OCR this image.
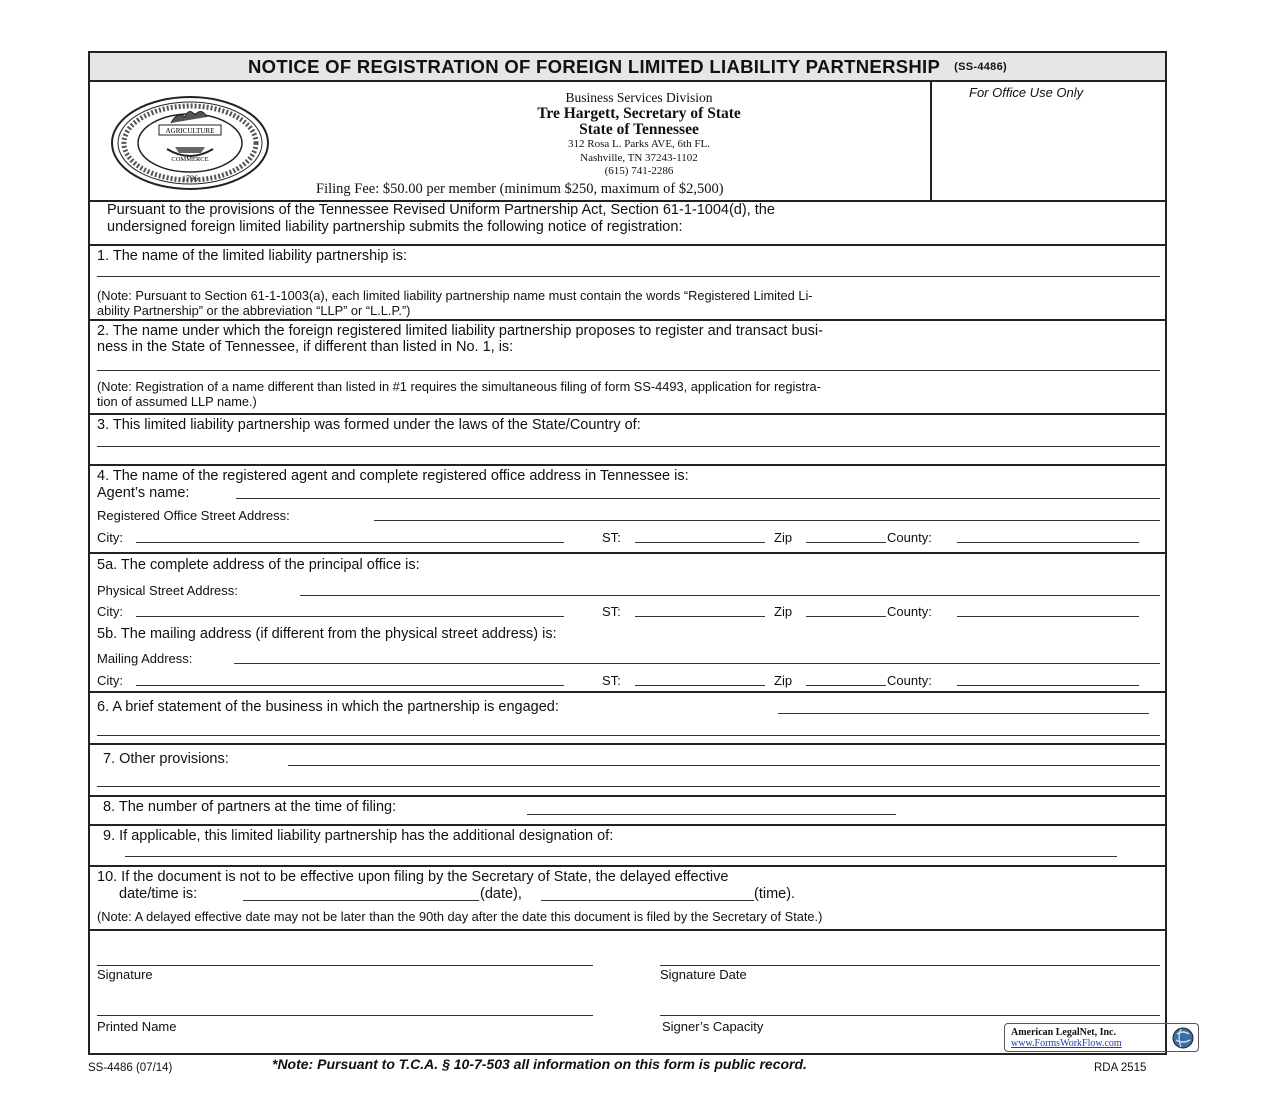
NOTICE OF REGISTRATION OF FOREIGN LIMITED LIABILITY PARTNERSHIP (SS-4486)
AGRICULTURE
COMMERCE
1796
Business Services Division
Tre Hargett, Secretary of State
State of Tennessee
312 Rosa L. Parks AVE, 6th FL.
Nashville, TN 37243-1102
(615) 741-2286
Filing Fee: $50.00 per member (minimum $250, maximum of $2,500)
For Office Use Only
Pursuant to the provisions of the Tennessee Revised Uniform Partnership Act, Section 61-1-1004(d), the
undersigned foreign limited liability partnership submits the following notice of registration:
1. The name of the limited liability partnership is:
(Note: Pursuant to Section 61-1-1003(a), each limited liability partnership name must contain the words “Registered Limited Li-
ability Partnership” or the abbreviation “LLP” or “L.L.P.”)
2. The name under which the foreign registered limited liability partnership proposes to register and transact busi-
ness in the State of Tennessee, if different than listed in No. 1, is:
(Note: Registration of a name different than listed in #1 requires the simultaneous filing of form SS-4493, application for registra-
tion of assumed LLP name.)
3. This limited liability partnership was formed under the laws of the State/Country of:
4. The name of the registered agent and complete registered office address in Tennessee is:
Agent’s name:
Registered Office Street Address:
City:	ST:	Zip	County:
5a. The complete address of the principal office is:
Physical Street Address:
City:	ST:	Zip	County:
5b. The mailing address (if different from the physical street address) is:
Mailing Address:
City:	ST:	Zip	County:
6. A brief statement of the business in which the partnership is engaged:
7. Other provisions:
8. The number of partners at the time of filing:
9. If applicable, this limited liability partnership has the additional designation of:
10. If the document is not to be effective upon filing by the Secretary of State, the delayed effective
date/time is:	(date),	(time).
(Note: A delayed effective date may not be later than the 90th day after the date this document is filed by the Secretary of State.)
Signature	Signature Date
Printed Name	Signer’s Capacity
SS-4486 (07/14)	*Note: Pursuant to T.C.A. § 10-7-503 all information on this form is public record.	RDA 2515
American LegalNet, Inc.
www.FormsWorkFlow.com
